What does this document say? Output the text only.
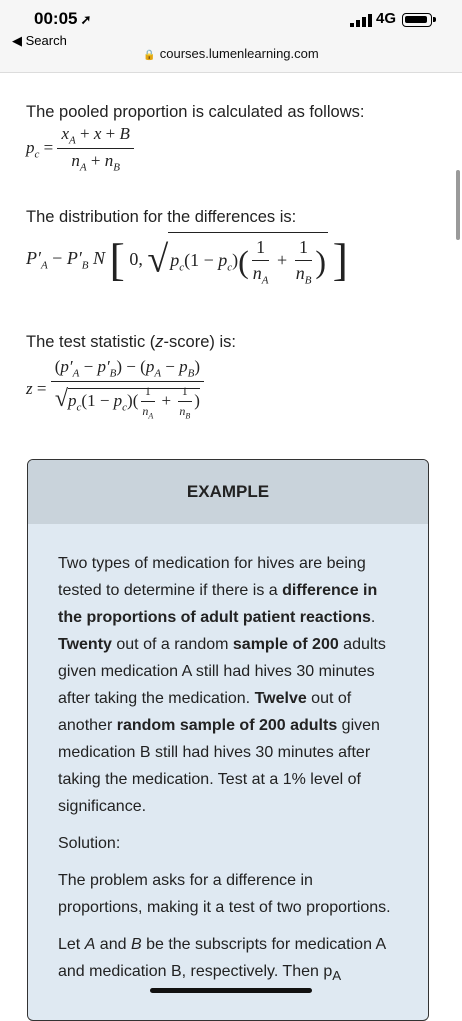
00:05 ➚
◀ Search
4G
🔒 courses.lumenlearning.com
The pooled proportion is calculated as follows:
$p_c = \frac{x_A + x + B}{n_A + n_B}$
The distribution for the differences is:
$P'_A - P'_B$ N [ 0, √ $p_c(1 - p_c)( \frac{1}{n_A} + \frac{1}{n_B}$ ) ]
The test statistic (z-score) is:
$z = \frac{(p'_A - p'_B) - (p_A - p_B)}{√p_c(1 - p_c)( \frac{1}{n_A} + \frac{1}{n_B} )}$
EXAMPLE

Two types of medication for hives are being tested to determine if there is a difference in the proportions of adult patient reactions. Twenty out of a random sample of 200 adults given medication A still had hives 30 minutes after taking the medication. Twelve out of another random sample of 200 adults given medication B still had hives 30 minutes after taking the medication. Test at a 1% level of significance.

Solution:

The problem asks for a difference in proportions, making it a test of two proportions.

Let A and B be the subscripts for medication A and medication B, respectively. Then $p_A$
